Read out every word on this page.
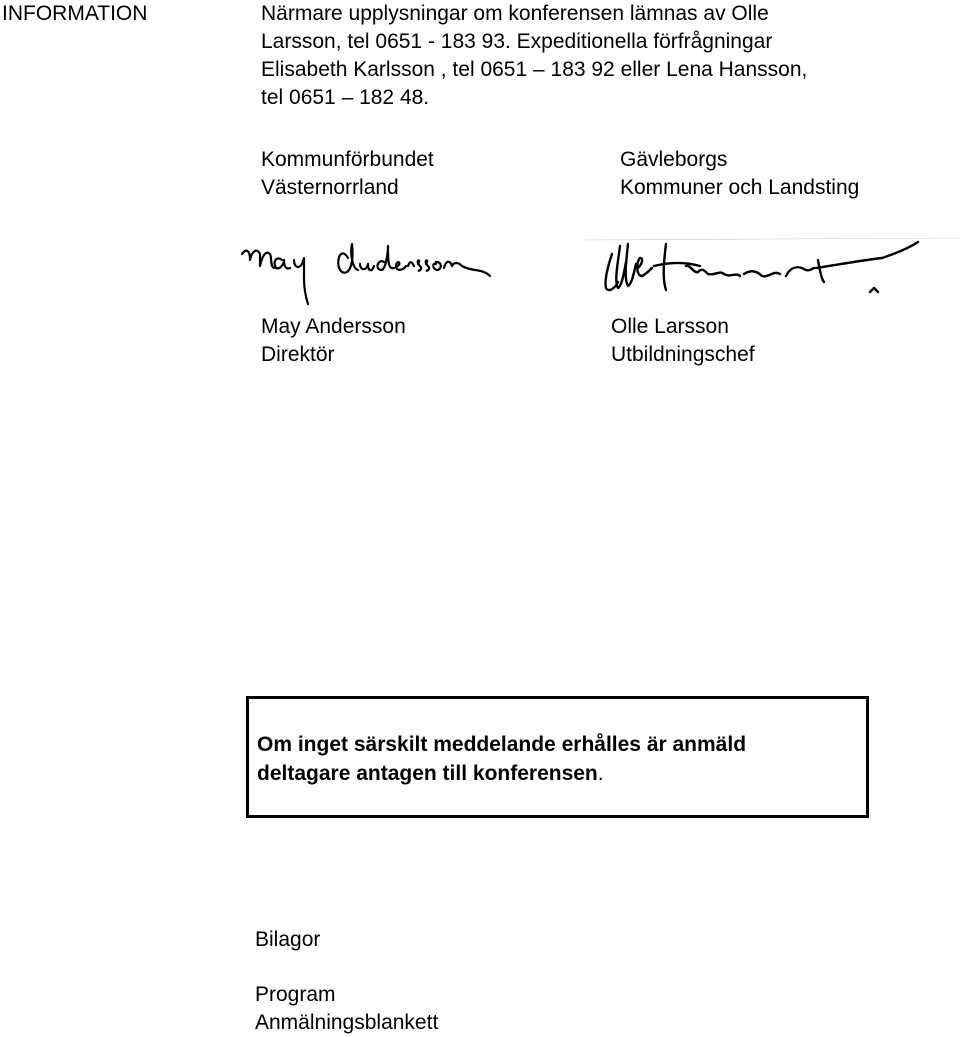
INFORMATION	Närmare upplysningar om konferensen lämnas av Olle
Larsson, tel 0651 - 183 93. Expeditionella förfrågningar
Elisabeth Karlsson , tel 0651 – 183 92 eller Lena Hansson,
tel 0651 – 182 48.
Kommunförbundet
Västernorrland
Gävleborgs
Kommuner och Landsting
May Andersson
Direktör
Olle Larsson
Utbildningschef
Om inget särskilt meddelande erhålles är anmäld
deltagare antagen till konferensen.
Bilagor
Program
Anmälningsblankett
